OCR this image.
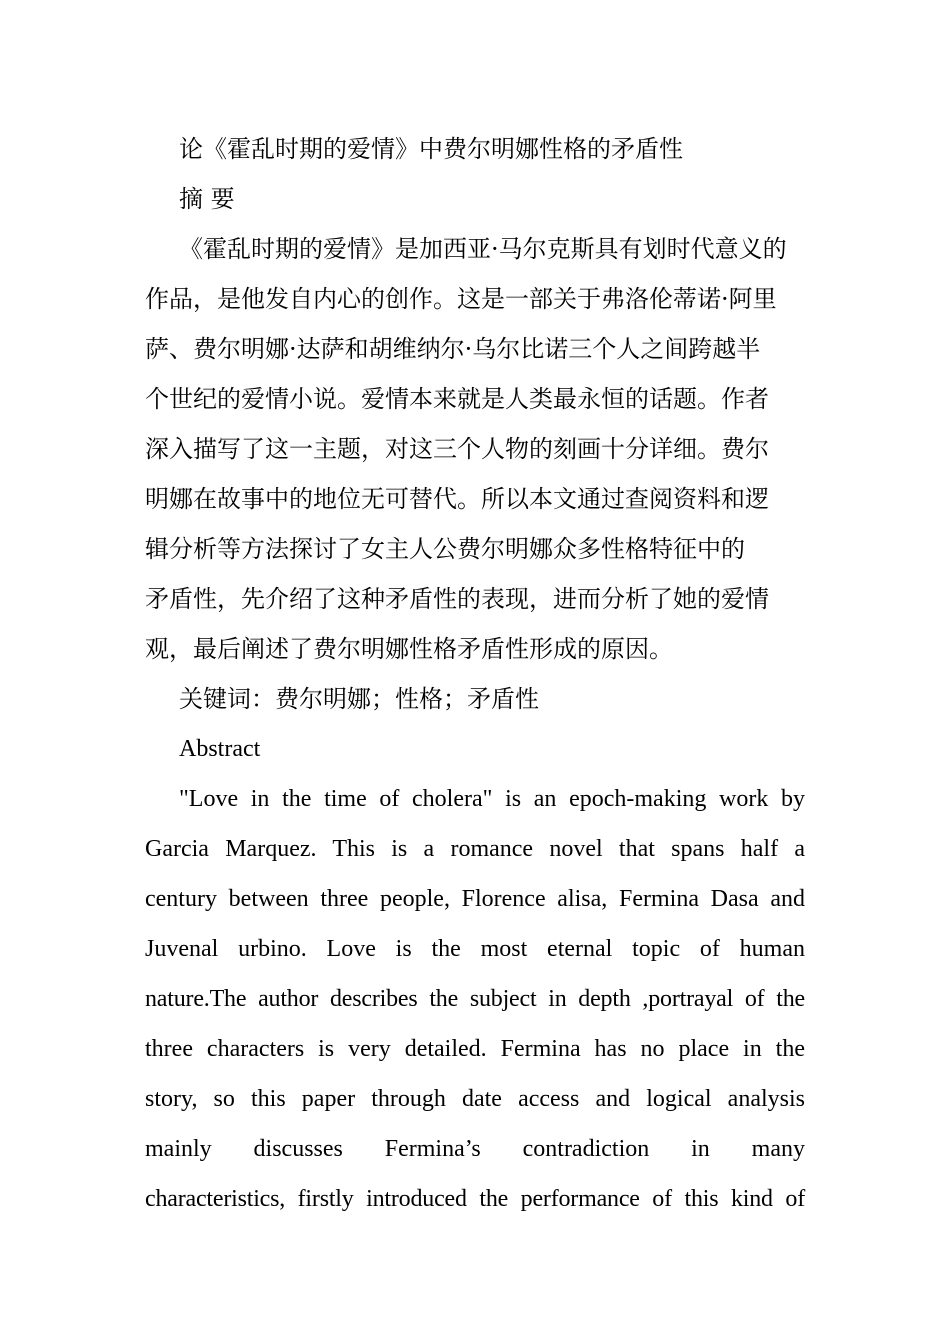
论《霍乱时期的爱情》中费尔明娜性格的矛盾性

摘 要

《霍乱时期的爱情》是加西亚·马尔克斯具有划时代意义的

作品，是他发自内心的创作。这是一部关于弗洛伦蒂诺·阿里

萨、费尔明娜·达萨和胡维纳尔·乌尔比诺三个人之间跨越半

个世纪的爱情小说。爱情本来就是人类最永恒的话题。作者

深入描写了这一主题，对这三个人物的刻画十分详细。费尔

明娜在故事中的地位无可替代。所以本文通过查阅资料和逻

辑分析等方法探讨了女主人公费尔明娜众多性格特征中的

矛盾性，先介绍了这种矛盾性的表现，进而分析了她的爱情

观，最后阐述了费尔明娜性格矛盾性形成的原因。

关键词：费尔明娜；性格；矛盾性

Abstract

"Love in the time of cholera" is an epoch-making work by

Garcia Marquez. This is a romance novel that spans half a

century between three people, Florence alisa, Fermina Dasa and

Juvenal urbino. Love is the most eternal topic of human

nature.The author describes the subject in depth ,portrayal of the

three characters is very detailed. Fermina has no place in the

story, so this paper through date access and logical analysis

mainly discusses Fermina’s contradiction in many

characteristics, firstly introduced the performance of this kind of
